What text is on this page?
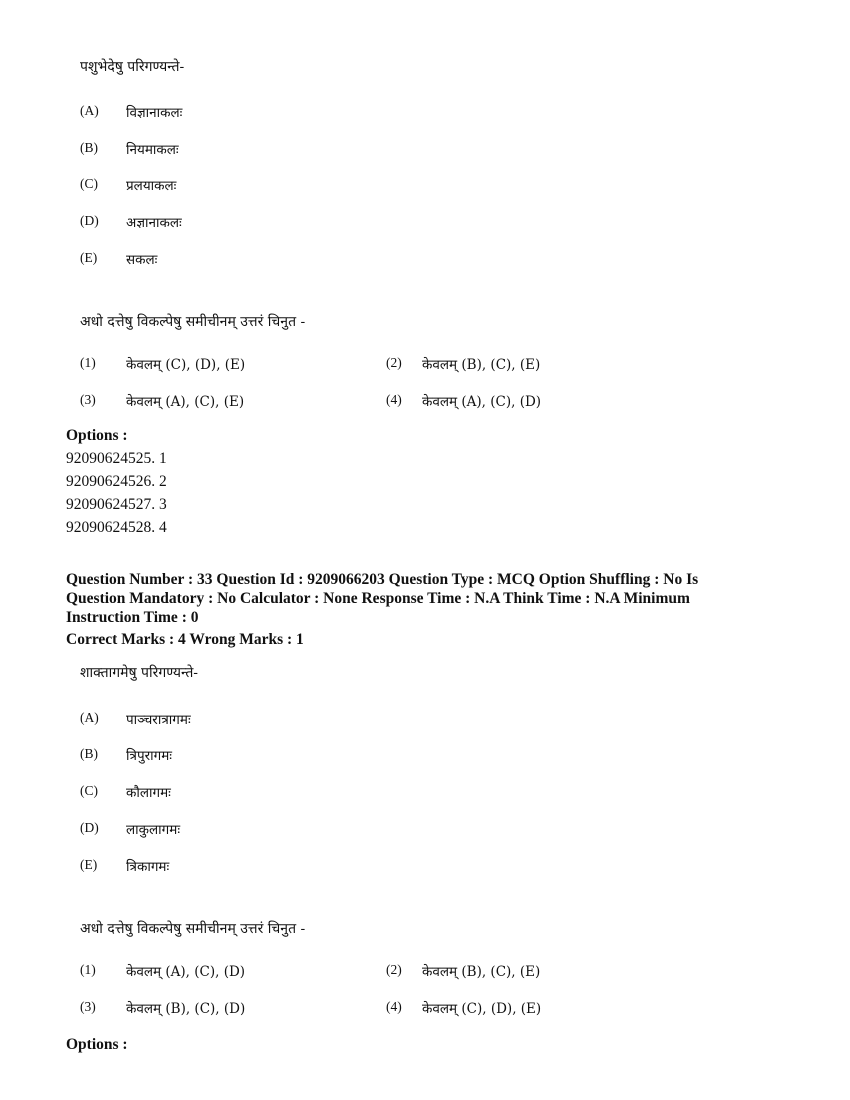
पशुभेदेषु परिगण्यन्ते-
(A) विज्ञानाकलः
(B) नियमाकलः
(C) प्रलयाकलः
(D) अज्ञानाकलः
(E) सकलः
अधो दत्तेषु विकल्पेषु समीचीनम् उत्तरं चिनुत -
(1) केवलम् (C), (D), (E)	(2) केवलम् (B), (C), (E)
(3) केवलम् (A), (C), (E)	(4) केवलम् (A), (C), (D)
Options :
92090624525. 1
92090624526. 2
92090624527. 3
92090624528. 4
Question Number : 33 Question Id : 9209066203 Question Type : MCQ Option Shuffling : No Is
Question Mandatory : No Calculator : None Response Time : N.A Think Time : N.A Minimum
Instruction Time : 0
Correct Marks : 4 Wrong Marks : 1
शाक्तागमेषु परिगण्यन्ते-
(A) पाञ्चरात्रागमः
(B) त्रिपुरागमः
(C) कौलागमः
(D) लाकुलागमः
(E) त्रिकागमः
अधो दत्तेषु विकल्पेषु समीचीनम् उत्तरं चिनुत -
(1) केवलम् (A), (C), (D)	(2) केवलम् (B), (C), (E)
(3) केवलम् (B), (C), (D)	(4) केवलम् (C), (D), (E)
Options :
